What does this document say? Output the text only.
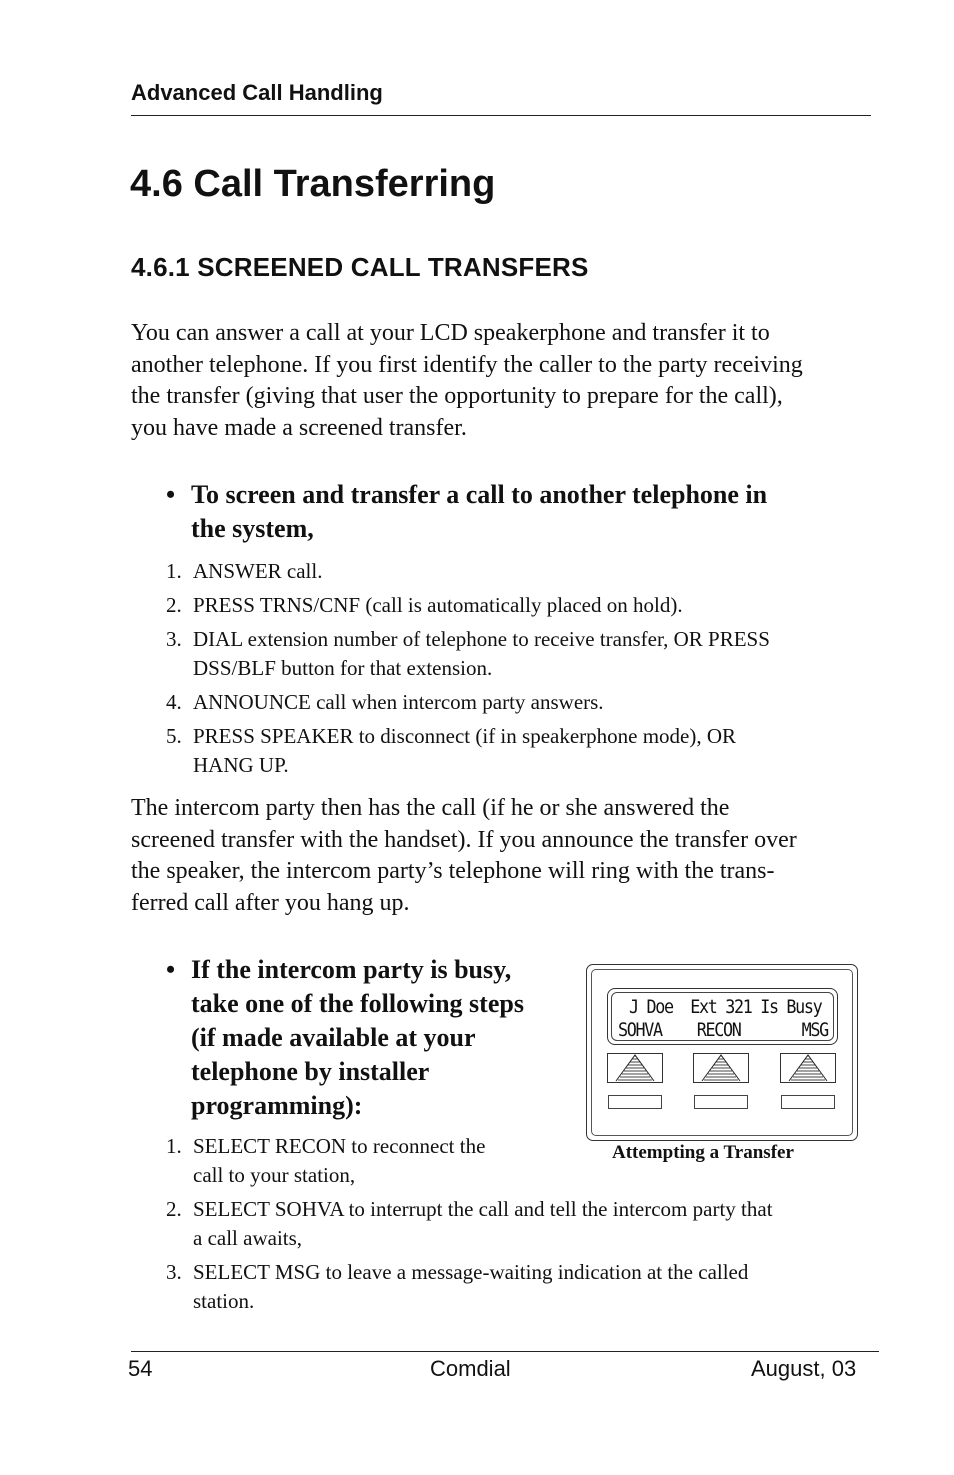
Advanced Call Handling
4.6 Call Transferring
4.6.1 SCREENED CALL TRANSFERS

You can answer a call at your LCD speakerphone and transfer it to
another telephone. If you first identify the caller to the party receiving
the transfer (giving that user the opportunity to prepare for the call),
you have made a screened transfer.

• To screen and transfer a call to another telephone in
the system,
1. ANSWER call.
2. PRESS TRNS/CNF (call is automatically placed on hold).
3. DIAL extension number of telephone to receive transfer, OR PRESS
DSS/BLF button for that extension.
4. ANNOUNCE call when intercom party answers.
5. PRESS SPEAKER to disconnect (if in speakerphone mode), OR
HANG UP.

The intercom party then has the call (if he or she answered the
screened transfer with the handset). If you announce the transfer over
the speaker, the intercom party’s telephone will ring with the trans-
ferred call after you hang up.

• If the intercom party is busy,
take one of the following steps
(if made available at your
telephone by installer
programming):
1. SELECT RECON to reconnect the
call to your station,
2. SELECT SOHVA to interrupt the call and tell the intercom party that
a call awaits,
3. SELECT MSG to leave a message-waiting indication at the called
station.
J Doe  Ext 321 Is Busy
SOHVA    RECON       MSG
Attempting a Transfer
54	Comdial	August, 03
